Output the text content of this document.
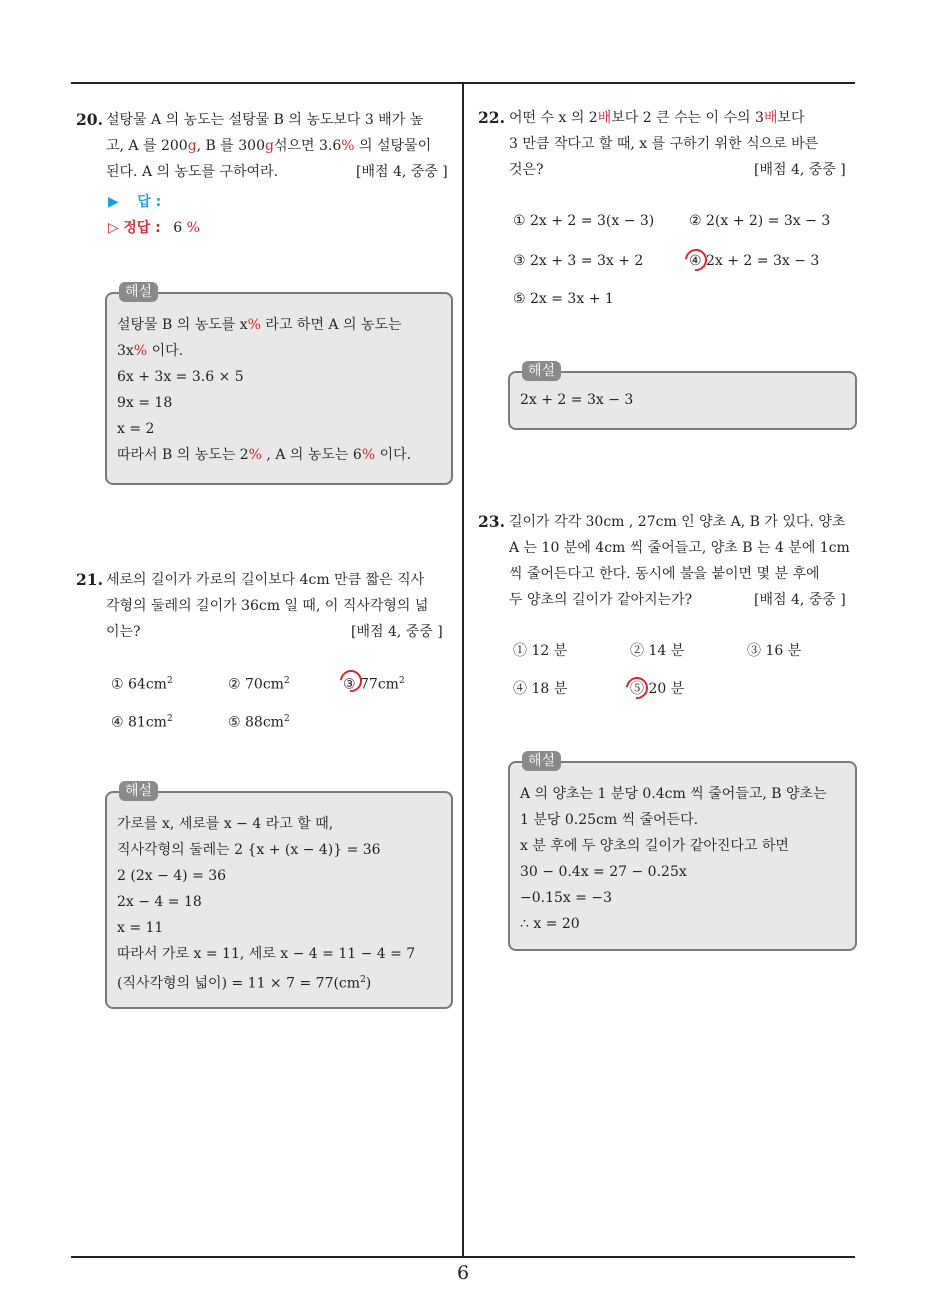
20. 설탕물 A 의 농도는 설탕물 B 의 농도보다 3 배가 높
고, A 를 200g, B 를 300g섞으면 3.6% 의 설탕물이
된다. A 의 농도를 구하여라.	[배점 4, 중중 ]
▶ 답 :
▷ 정답 : 6 %
해설
설탕물 B 의 농도를 x% 라고 하면 A 의 농도는
3x% 이다.
6x + 3x = 3.6 × 5
9x = 18
x = 2
따라서 B 의 농도는 2% , A 의 농도는 6% 이다.
21. 세로의 길이가 가로의 길이보다 4cm 만큼 짧은 직사
각형의 둘레의 길이가 36cm 일 때, 이 직사각형의 넓
이는?	[배점 4, 중중 ]
① $64cm^2$	② $70cm^2$	③ $77cm^2$
④ $81cm^2$	⑤ $88cm^2$
해설
가로를 x, 세로를 x − 4 라고 할 때,
직사각형의 둘레는 2 {x + (x − 4)} = 36
2 (2x − 4) = 36
2x − 4 = 18
x = 11
따라서 가로 x = 11, 세로 x − 4 = 11 − 4 = 7
(직사각형의 넓이) = $11 \times 7 = 77(cm^2)$
22. 어떤 수 x 의 2배보다 2 큰 수는 이 수의 3배보다
3 만큼 작다고 할 때, x 를 구하기 위한 식으로 바른
것은?	[배점 4, 중중 ]
① 2x + 2 = 3(x − 3) ② 2(x + 2) = 3x − 3
③ 2x + 3 = 3x + 2	④ 2x + 2 = 3x − 3
⑤ 2x = 3x + 1
해설
2x + 2 = 3x − 3
23. 길이가 각각 30cm , 27cm 인 양초 A, B 가 있다. 양초
A 는 10 분에 4cm 씩 줄어들고, 양초 B 는 4 분에 1cm
씩 줄어든다고 한다. 동시에 불을 붙이면 몇 분 후에
두 양초의 길이가 같아지는가?	[배점 4, 중중 ]
① 12 분	② 14 분	③ 16 분
④ 18 분	⑤ 20 분
해설
A 의 양초는 1 분당 0.4cm 씩 줄어들고, B 양초는
1 분당 0.25cm 씩 줄어든다.
x 분 후에 두 양초의 길이가 같아진다고 하면
30 − 0.4x = 27 − 0.25x
−0.15x = −3
∴ x = 20
6
